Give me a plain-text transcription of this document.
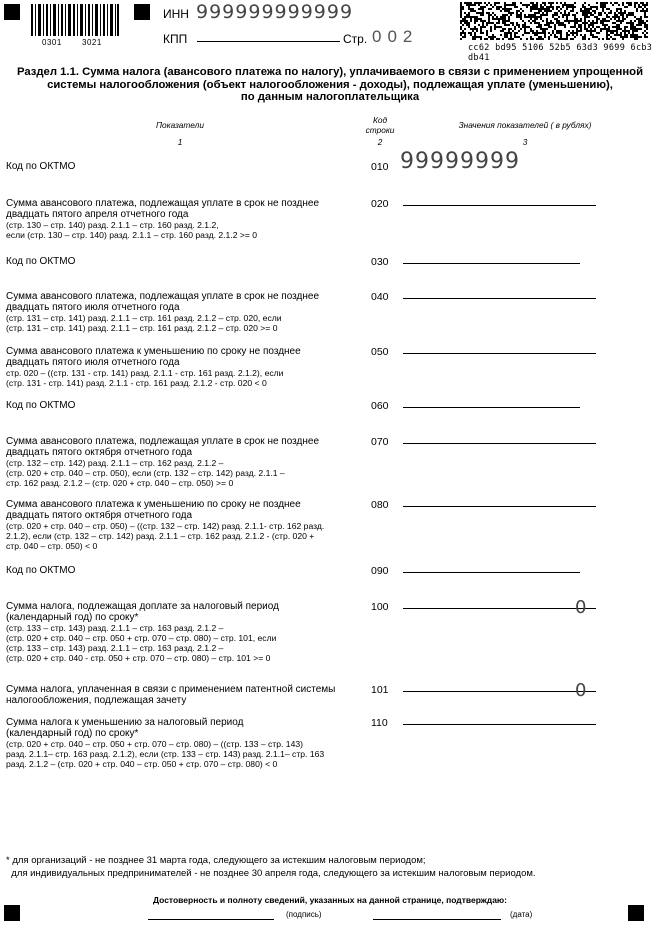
0301	3021
ИНН 999999999999
КПП	Стр. 002
cc62 bd95 5106 52b5 63d3 9699 6cb3 db41
Раздел 1.1. Сумма налога (авансового платежа по налогу), уплачиваемого в связи с применением упрощенной
системы налогообложения (объект налогообложения - доходы), подлежащая уплате (уменьшению),
по данным налогоплательщика
Показатели
1
Код
строки
2
Значения показателей ( в рублях)
3
Код по ОКТМО	010 99999999
Сумма авансового платежа, подлежащая уплате в срок не позднее
двадцать пятого апреля отчетного года
(стр. 130 – стр. 140) разд. 2.1.1 – стр. 160 разд. 2.1.2,
если (стр. 130 – стр. 140) разд. 2.1.1 – стр. 160 разд. 2.1.2 >= 0
020
Код по ОКТМО	030
Сумма авансового платежа, подлежащая уплате в срок не позднее
двадцать пятого июля отчетного года
(стр. 131 – стр. 141) разд. 2.1.1 – стр. 161 разд. 2.1.2 – стр. 020, если
(стр. 131 – стр. 141) разд. 2.1.1 – стр. 161 разд. 2.1.2 – стр. 020 >= 0
040
Сумма авансового платежа к уменьшению по сроку не позднее
двадцать пятого июля отчетного года
стр. 020 – ((стр. 131 - стр. 141) разд. 2.1.1 - стр. 161 разд. 2.1.2), если
(стр. 131 - стр. 141) разд. 2.1.1 - стр. 161 разд. 2.1.2 - стр. 020 < 0
050
Код по ОКТМО	060
Сумма авансового платежа, подлежащая уплате в срок не позднее
двадцать пятого октября отчетного года
(стр. 132 – стр. 142) разд. 2.1.1 – стр. 162 разд. 2.1.2 –
(стр. 020 + стр. 040 – стр. 050), если (стр. 132 – стр. 142) разд. 2.1.1 –
стр. 162 разд. 2.1.2 – (стр. 020 + стр. 040 – стр. 050) >= 0
070
Сумма авансового платежа к уменьшению по сроку не позднее
двадцать пятого октября отчетного года
(стр. 020 + стр. 040 – стр. 050) – ((стр. 132 – стр. 142) разд. 2.1.1- стр. 162 разд.
2.1.2), если (стр. 132 – стр. 142) разд. 2.1.1 – стр. 162 разд. 2.1.2 - (стр. 020 +
стр. 040 – стр. 050) < 0
080
Код по ОКТМО	090
Сумма налога, подлежащая доплате за налоговый период
(календарный год) по сроку*
(стр. 133 – стр. 143) разд. 2.1.1 – стр. 163 разд. 2.1.2 –
(стр. 020 + стр. 040 – стр. 050 + стр. 070 – стр. 080) – стр. 101, если
(стр. 133 – стр. 143) разд. 2.1.1 – стр. 163 разд. 2.1.2 –
(стр. 020 + стр. 040 - стр. 050 + стр. 070 – стр. 080) – стр. 101 >= 0
100	0
Сумма налога, уплаченная в связи с применением патентной системы
налогообложения, подлежащая зачету
101	0
Сумма налога к уменьшению за налоговый период
(календарный год) по сроку*
(стр. 020 + стр. 040 – стр. 050 + стр. 070 – стр. 080) – ((стр. 133 – стр. 143)
разд. 2.1.1– стр. 163 разд. 2.1.2), если (стр. 133 – стр. 143) разд. 2.1.1– стр. 163
разд. 2.1.2 – (стр. 020 + стр. 040 – стр. 050 + стр. 070 – стр. 080) < 0
110
* для организаций - не позднее 31 марта года, следующего за истекшим налоговым периодом;
для индивидуальных предпринимателей - не позднее 30 апреля года, следующего за истекшим налоговым периодом.
Достоверность и полноту сведений, указанных на данной странице, подтверждаю:
(подпись)	(дата)
